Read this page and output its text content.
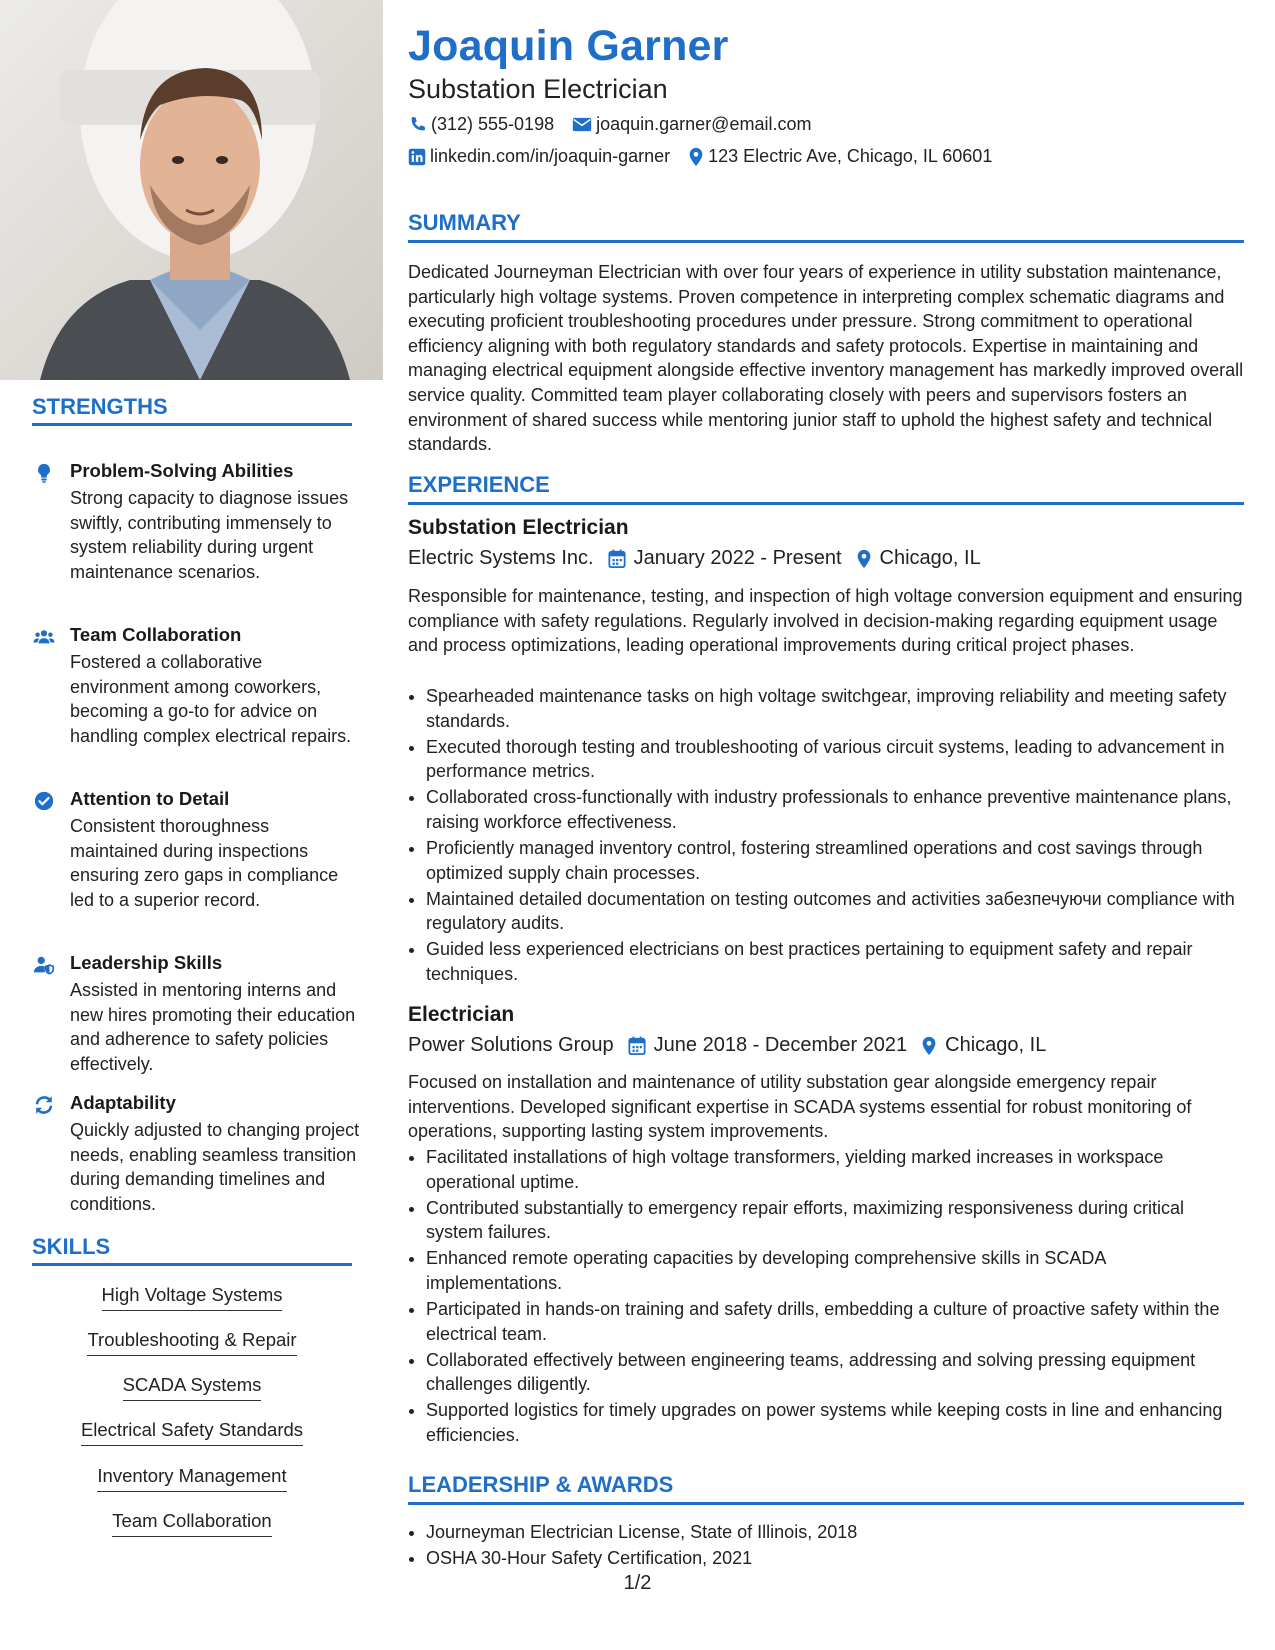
STRENGTHS
Problem-Solving Abilities
Strong capacity to diagnose issues swiftly, contributing immensely to system reliability during urgent maintenance scenarios.
Team Collaboration
Fostered a collaborative environment among coworkers, becoming a go-to for advice on handling complex electrical repairs.
Attention to Detail
Consistent thoroughness maintained during inspections ensuring zero gaps in compliance led to a superior record.
Leadership Skills
Assisted in mentoring interns and new hires promoting their education and adherence to safety policies effectively.
Adaptability
Quickly adjusted to changing project needs, enabling seamless transition during demanding timelines and conditions.
SKILLS
High Voltage Systems
Troubleshooting & Repair
SCADA Systems
Electrical Safety Standards
Inventory Management
Team Collaboration
Joaquin Garner
Substation Electrician
(312) 555-0198 joaquin.garner@email.com
linkedin.com/in/joaquin-garner 123 Electric Ave, Chicago, IL 60601
SUMMARY
Dedicated Journeyman Electrician with over four years of experience in utility substation maintenance, particularly high voltage systems. Proven competence in interpreting complex schematic diagrams and executing proficient troubleshooting procedures under pressure. Strong commitment to operational efficiency aligning with both regulatory standards and safety protocols. Expertise in maintaining and managing electrical equipment alongside effective inventory management has markedly improved overall service quality. Committed team player collaborating closely with peers and supervisors fosters an environment of shared success while mentoring junior staff to uphold the highest safety and technical standards.
EXPERIENCE
Substation Electrician
Electric Systems Inc. January 2022 - Present Chicago, IL
Responsible for maintenance, testing, and inspection of high voltage conversion equipment and ensuring compliance with safety regulations. Regularly involved in decision-making regarding equipment usage and process optimizations, leading operational improvements during critical project phases.
• Spearheaded maintenance tasks on high voltage switchgear, improving reliability and meeting safety standards.
• Executed thorough testing and troubleshooting of various circuit systems, leading to advancement in performance metrics.
• Collaborated cross-functionally with industry professionals to enhance preventive maintenance plans, raising workforce effectiveness.
• Proficiently managed inventory control, fostering streamlined operations and cost savings through optimized supply chain processes.
• Maintained detailed documentation on testing outcomes and activities забезпечуючи compliance with regulatory audits.
• Guided less experienced electricians on best practices pertaining to equipment safety and repair techniques.
Electrician
Power Solutions Group June 2018 - December 2021 Chicago, IL
Focused on installation and maintenance of utility substation gear alongside emergency repair interventions. Developed significant expertise in SCADA systems essential for robust monitoring of operations, supporting lasting system improvements.
• Facilitated installations of high voltage transformers, yielding marked increases in workspace operational uptime.
• Contributed substantially to emergency repair efforts, maximizing responsiveness during critical system failures.
• Enhanced remote operating capacities by developing comprehensive skills in SCADA implementations.
• Participated in hands-on training and safety drills, embedding a culture of proactive safety within the electrical team.
• Collaborated effectively between engineering teams, addressing and solving pressing equipment challenges diligently.
• Supported logistics for timely upgrades on power systems while keeping costs in line and enhancing efficiencies.
LEADERSHIP & AWARDS
• Journeyman Electrician License, State of Illinois, 2018
• OSHA 30-Hour Safety Certification, 2021
1/2
